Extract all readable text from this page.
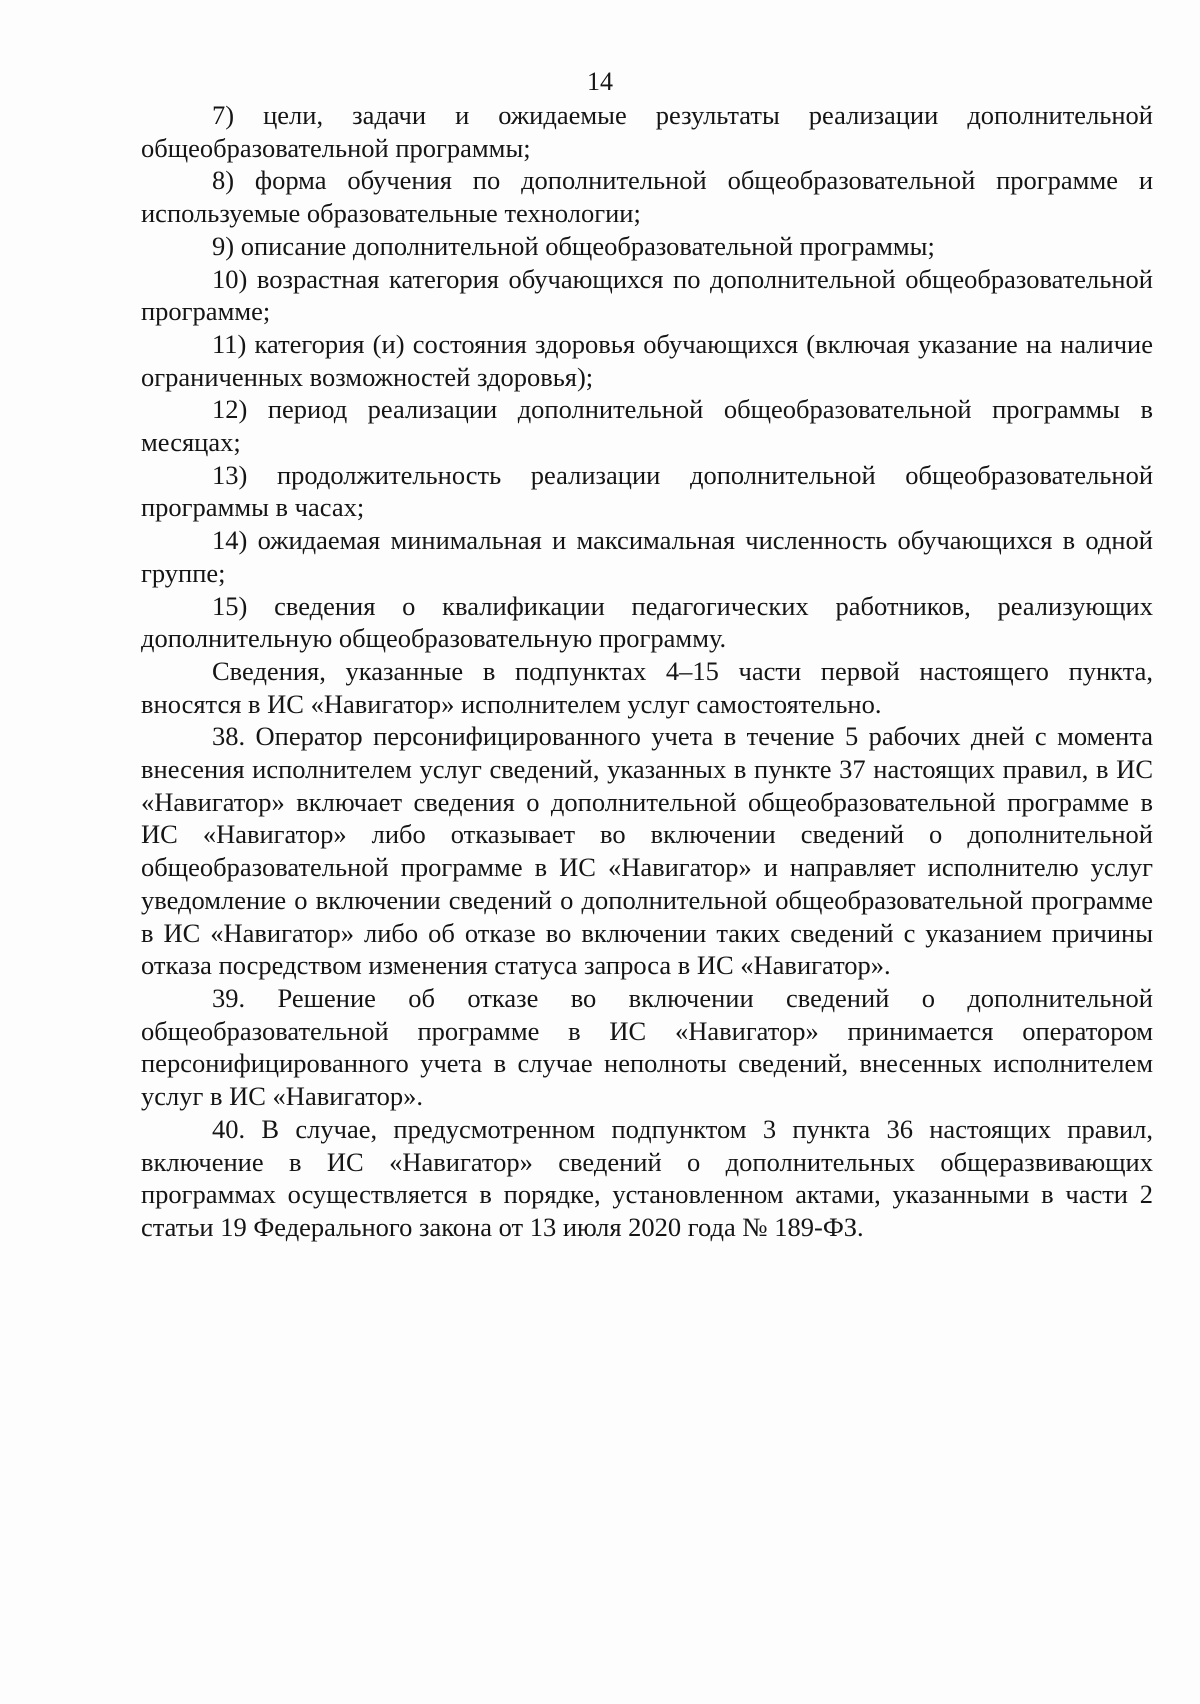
14

7) цели, задачи и ожидаемые результаты реализации дополнительной общеобразовательной программы;

8) форма обучения по дополнительной общеобразовательной программе и используемые образовательные технологии;

9) описание дополнительной общеобразовательной программы;

10) возрастная категория обучающихся по дополнительной общеобразовательной программе;

11) категория (и) состояния здоровья обучающихся (включая указание на наличие ограниченных возможностей здоровья);

12) период реализации дополнительной общеобразовательной программы в месяцах;

13) продолжительность реализации дополнительной общеобразовательной программы в часах;

14) ожидаемая минимальная и максимальная численность обучающихся в одной группе;

15) сведения о квалификации педагогических работников, реализующих дополнительную общеобразовательную программу.

Сведения, указанные в подпунктах 4–15 части первой настоящего пункта, вносятся в ИС «Навигатор» исполнителем услуг самостоятельно.

38. Оператор персонифицированного учета в течение 5 рабочих дней с момента внесения исполнителем услуг сведений, указанных в пункте 37 настоящих правил, в ИС «Навигатор» включает сведения о дополнительной общеобразовательной программе в ИС «Навигатор» либо отказывает во включении сведений о дополнительной общеобразовательной программе в ИС «Навигатор» и направляет исполнителю услуг уведомление о включении сведений о дополнительной общеобразовательной программе в ИС «Навигатор» либо об отказе во включении таких сведений с указанием причины отказа посредством изменения статуса запроса в ИС «Навигатор».

39. Решение об отказе во включении сведений о дополнительной общеобразовательной программе в ИС «Навигатор» принимается оператором персонифицированного учета в случае неполноты сведений, внесенных исполнителем услуг в ИС «Навигатор».

40. В случае, предусмотренном подпунктом 3 пункта 36 настоящих правил, включение в ИС «Навигатор» сведений о дополнительных общеразвивающих программах осуществляется в порядке, установленном актами, указанными в части 2 статьи 19 Федерального закона от 13 июля 2020 года № 189-ФЗ.
